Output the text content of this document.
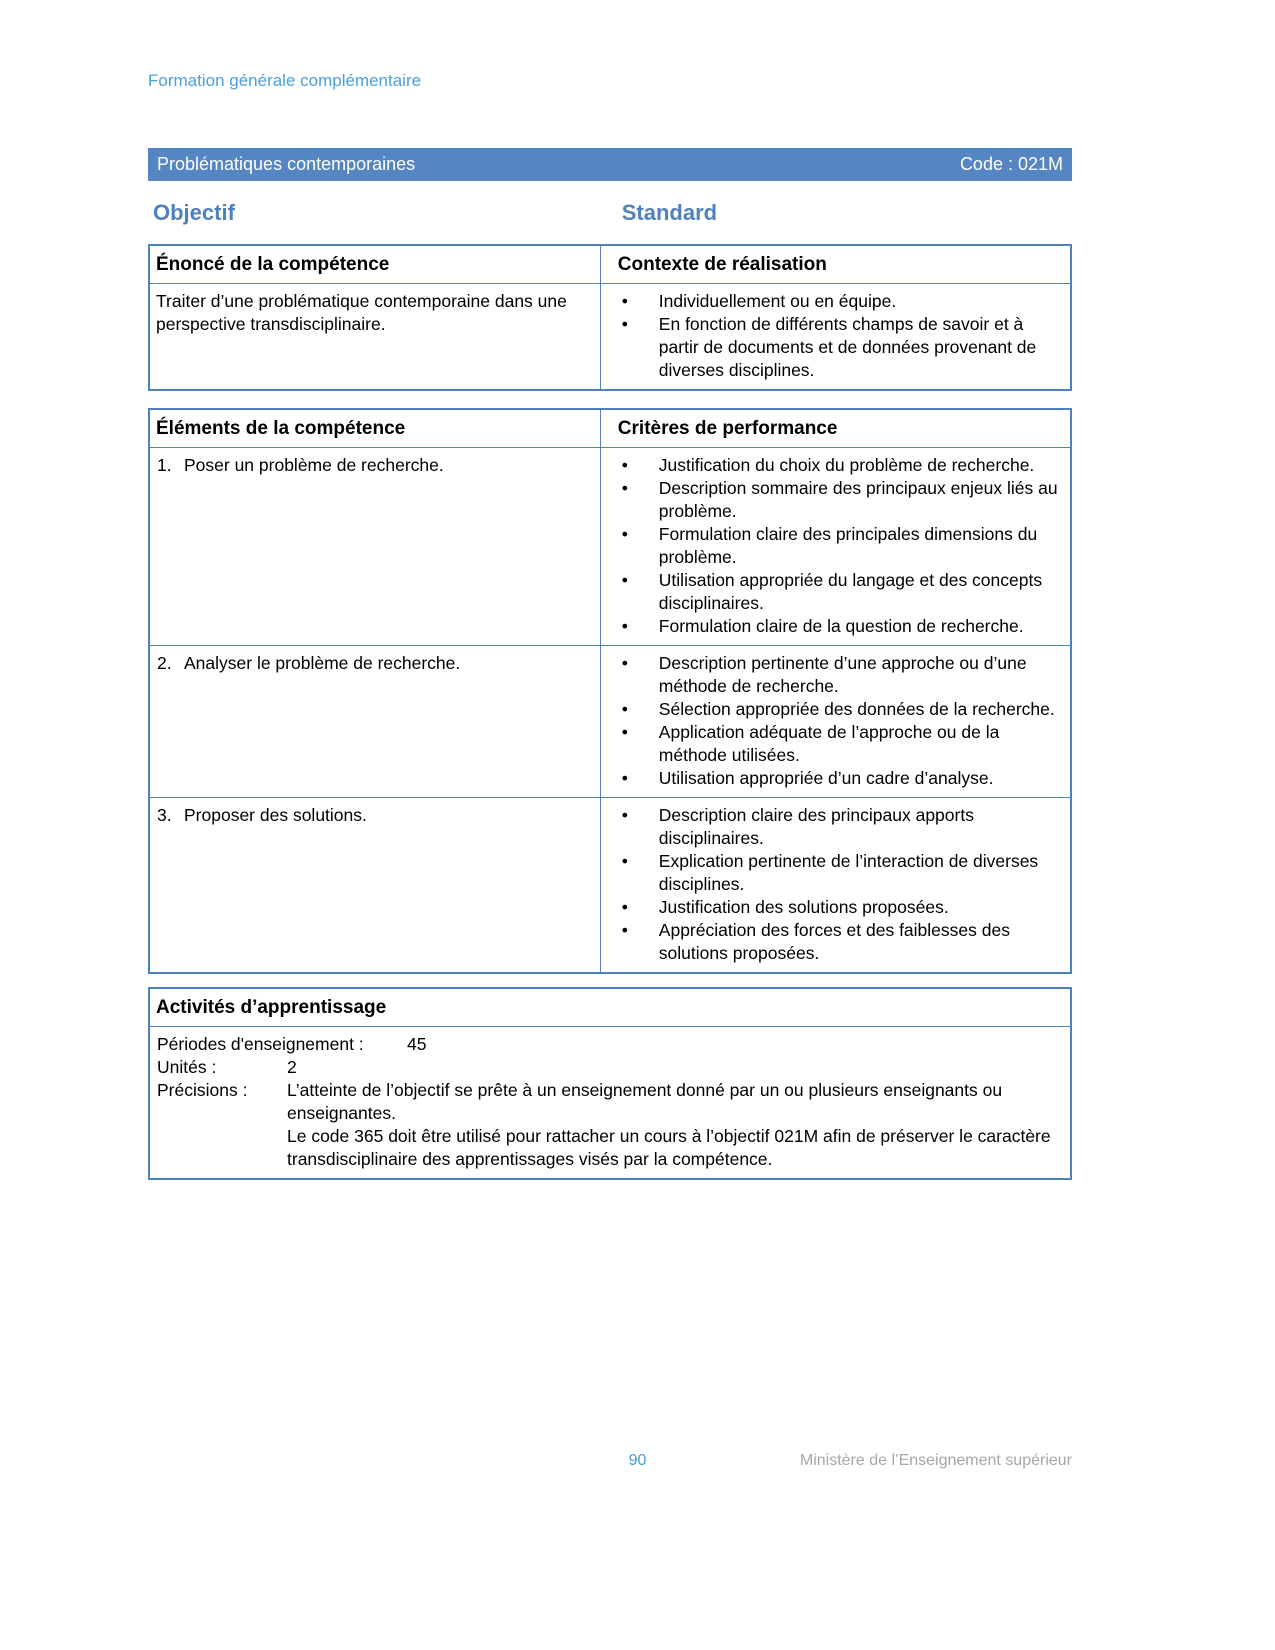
Formation générale complémentaire
Problématiques contemporaines	Code : 021M
Objectif	Standard
Énoncé de la compétence	Contexte de réalisation

Traiter d’une problématique contemporaine dans une perspective transdisciplinaire.

•	Individuellement ou en équipe.
•	En fonction de différents champs de savoir et à partir de documents et de données provenant de diverses disciplines.
Éléments de la compétence	Critères de performance
1. Poser un problème de recherche.	•	Justification du choix du problème de recherche.
•	Description sommaire des principaux enjeux liés au problème.
•	Formulation claire des principales dimensions du problème.
•	Utilisation appropriée du langage et des concepts disciplinaires.
•	Formulation claire de la question de recherche.
2. Analyser le problème de recherche.	•	Description pertinente d’une approche ou d’une méthode de recherche.
•	Sélection appropriée des données de la recherche.
•	Application adéquate de l’approche ou de la méthode utilisées.
•	Utilisation appropriée d’un cadre d’analyse.
3. Proposer des solutions.	•	Description claire des principaux apports disciplinaires.
•	Explication pertinente de l’interaction de diverses disciplines.
•	Justification des solutions proposées.
•	Appréciation des forces et des faiblesses des solutions proposées.
Activités d’apprentissage
Périodes d'enseignement :	45
Unités :	2
Précisions :	L’atteinte de l’objectif se prête à un enseignement donné par un ou plusieurs enseignants ou enseignantes.

Le code 365 doit être utilisé pour rattacher un cours à l’objectif 021M afin de préserver le caractère transdisciplinaire des apprentissages visés par la compétence.

90	Ministère de l’Enseignement supérieur
